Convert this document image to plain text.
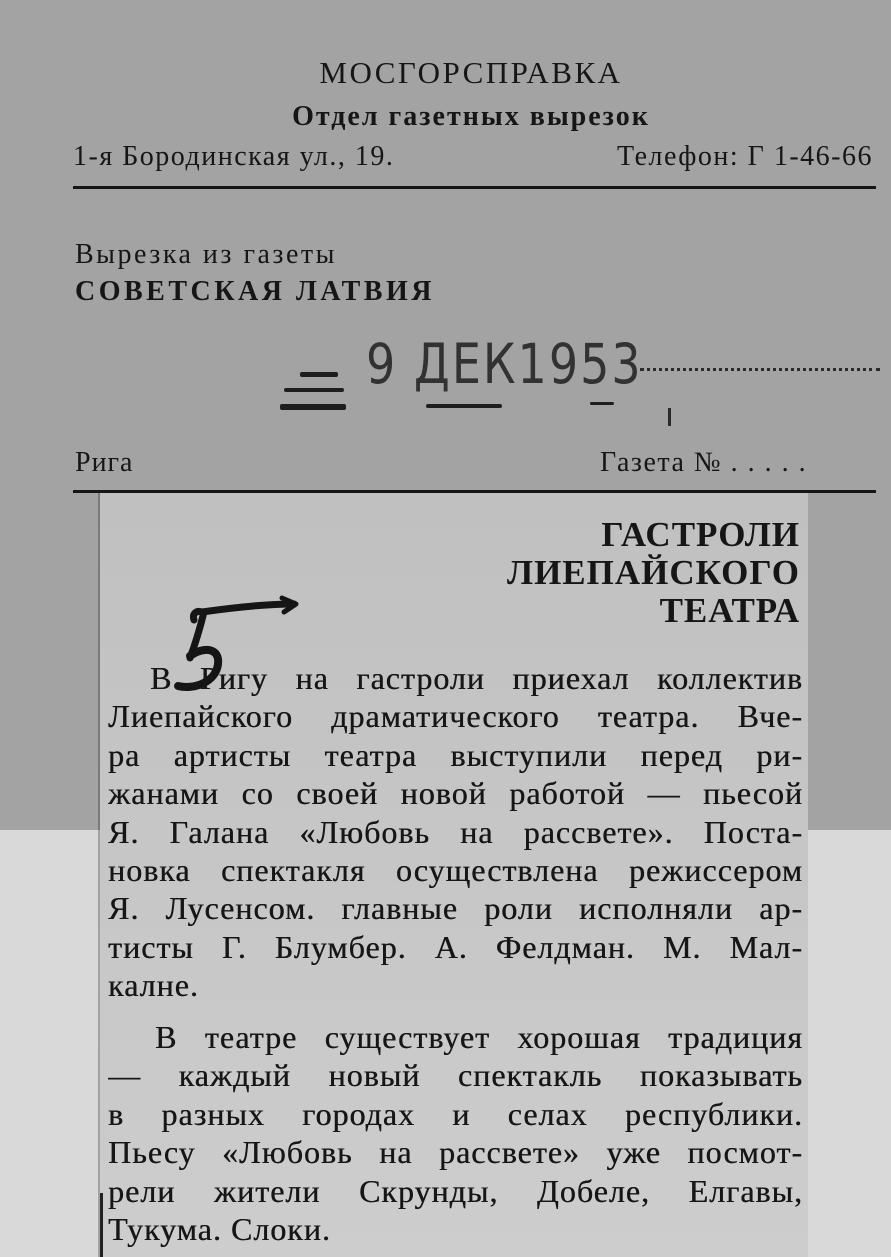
МОСГОРСПРАВКА
Отдел газетных вырезок
1-я Бородинская ул., 19.	Телефон: Г 1-46-66
Вырезка из газеты
СОВЕТСКАЯ ЛАТВИЯ
9 ДЕК1953
Рига	Газета № . . . . .
ГАСТРОЛИ
ЛИЕПАЙСКОГО
ТЕАТРА
В Ригу на гастроли приехал коллектив
Лиепайского драматического театра. Вче-
ра артисты театра выступили перед ри-
жанами со своей новой работой — пьесой
Я. Галана «Любовь на рассвете». Поста-
новка спектакля осуществлена режиссером
Я. Лусенсом. главные роли исполняли ар-
тисты Г. Блумбер. А. Фелдман. М. Мал-
калне.
В театре существует хорошая традиция
— каждый новый спектакль показывать
в разных городах и селах республики.
Пьесу «Любовь на рассвете» уже посмот-
рели жители Скрунды, Добеле, Елгавы,
Тукума. Слоки.
